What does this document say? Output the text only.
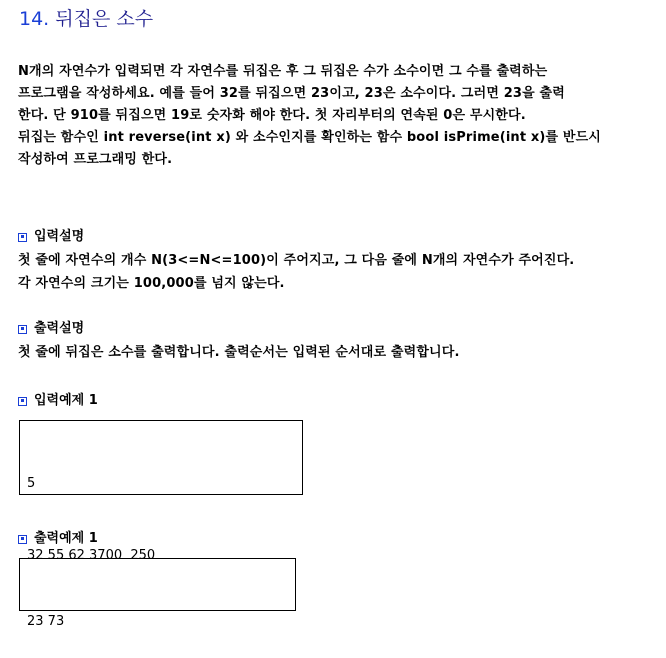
14. 뒤집은 소수

N개의 자연수가 입력되면 각 자연수를 뒤집은 후 그 뒤집은 수가 소수이면 그 수를 출력하는

프로그램을 작성하세요. 예를 들어 32를 뒤집으면 23이고, 23은 소수이다. 그러면 23을 출력

한다. 단 910를 뒤집으면 19로 숫자화 해야 한다. 첫 자리부터의 연속된 0은 무시한다.

뒤집는 함수인 int reverse(int x) 와 소수인지를 확인하는 함수 bool isPrime(int x)를 반드시

작성하여 프로그래밍 한다.

입력설명

첫 줄에 자연수의 개수 N(3<=N<=100)이 주어지고, 그 다음 줄에 N개의 자연수가 주어진다.

각 자연수의 크기는 100,000를 넘지 않는다.

출력설명

첫 줄에 뒤집은 소수를 출력합니다. 출력순서는 입력된 순서대로 출력합니다.

입력예제 1

5

32 55 62 3700  250

출력예제 1

23 73
